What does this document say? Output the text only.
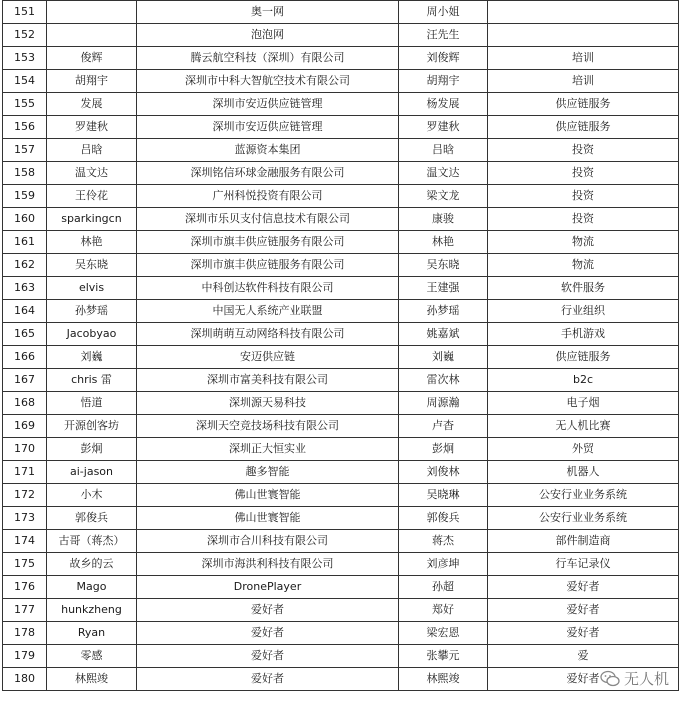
151		奥一网	周小姐	
152		泡泡网	汪先生	
153	俊辉	腾云航空科技（深圳）有限公司	刘俊辉	培训
154	胡翔宇	深圳市中科大智航空技术有限公司	胡翔宇	培训
155	发展	深圳市安迈供应链管理	杨发展	供应链服务
156	罗建秋	深圳市安迈供应链管理	罗建秋	供应链服务
157	吕晗	蓝源资本集团	吕晗	投资
158	温文达	深圳铭信环球金融服务有限公司	温文达	投资
159	王伶花	广州科悦投资有限公司	梁文龙	投资
160	sparkingcn	深圳市乐贝支付信息技术有限公司	康骏	投资
161	林艳	深圳市旗丰供应链服务有限公司	林艳	物流
162	吴东晓	深圳市旗丰供应链服务有限公司	吴东晓	物流
163	elvis	中科创达软件科技有限公司	王建强	软件服务
164	孙梦瑶	中国无人系统产业联盟	孙梦瑶	行业组织
165	Jacobyao	深圳萌萌互动网络科技有限公司	姚嘉斌	手机游戏
166	刘巍	安迈供应链	刘巍	供应链服务
167	chris 雷	深圳市富美科技有限公司	雷次林	b2c
168	悟道	深圳源天易科技	周源瀚	电子烟
169	开源创客坊	深圳天空竞技场科技有限公司	卢杳	无人机比赛
170	彭炯	深圳正大恒实业	彭炯	外贸
171	ai-jason	趣多智能	刘俊林	机器人
172	小木	佛山世寰智能	吴晓琳	公安行业业务系统
173	郭俊兵	佛山世寰智能	郭俊兵	公安行业业务系统
174	古哥（蒋杰）	深圳市合川科技有限公司	蒋杰	部件制造商
175	故乡的云	深圳市海洪利科技有限公司	刘彦坤	行车记录仪
176	Mago	DronePlayer	孙超	爱好者
177	hunkzheng	爱好者	郑好	爱好者
178	Ryan	爱好者	梁宏恩	爱好者
179	零感	爱好者	张攀元	爱
180	林熙竣	爱好者	林熙竣	爱好者 无人机
